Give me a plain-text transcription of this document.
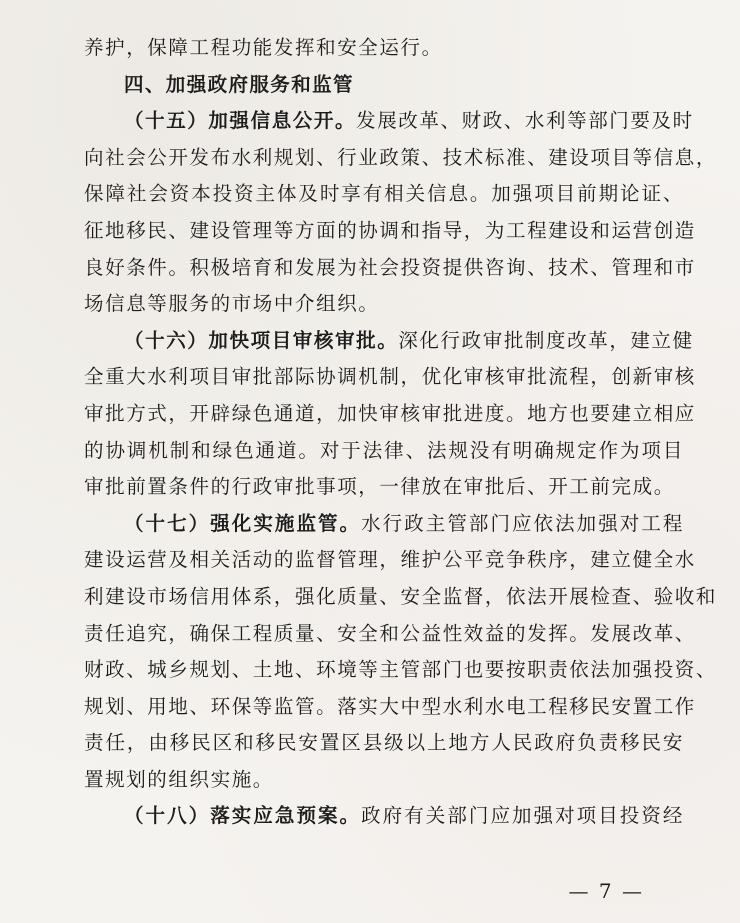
养护，保障工程功能发挥和安全运行。
四、加强政府服务和监管
（十五）加强信息公开。发展改革、财政、水利等部门要及时
向社会公开发布水利规划、行业政策、技术标准、建设项目等信息，
保障社会资本投资主体及时享有相关信息。加强项目前期论证、
征地移民、建设管理等方面的协调和指导，为工程建设和运营创造
良好条件。积极培育和发展为社会投资提供咨询、技术、管理和市
场信息等服务的市场中介组织。
（十六）加快项目审核审批。深化行政审批制度改革，建立健
全重大水利项目审批部际协调机制，优化审核审批流程，创新审核
审批方式，开辟绿色通道，加快审核审批进度。地方也要建立相应
的协调机制和绿色通道。对于法律、法规没有明确规定作为项目
审批前置条件的行政审批事项，一律放在审批后、开工前完成。
（十七）强化实施监管。水行政主管部门应依法加强对工程
建设运营及相关活动的监督管理，维护公平竞争秩序，建立健全水
利建设市场信用体系，强化质量、安全监督，依法开展检查、验收和
责任追究，确保工程质量、安全和公益性效益的发挥。发展改革、
财政、城乡规划、土地、环境等主管部门也要按职责依法加强投资、
规划、用地、环保等监管。落实大中型水利水电工程移民安置工作
责任，由移民区和移民安置区县级以上地方人民政府负责移民安
置规划的组织实施。
（十八）落实应急预案。政府有关部门应加强对项目投资经
— 7 —
